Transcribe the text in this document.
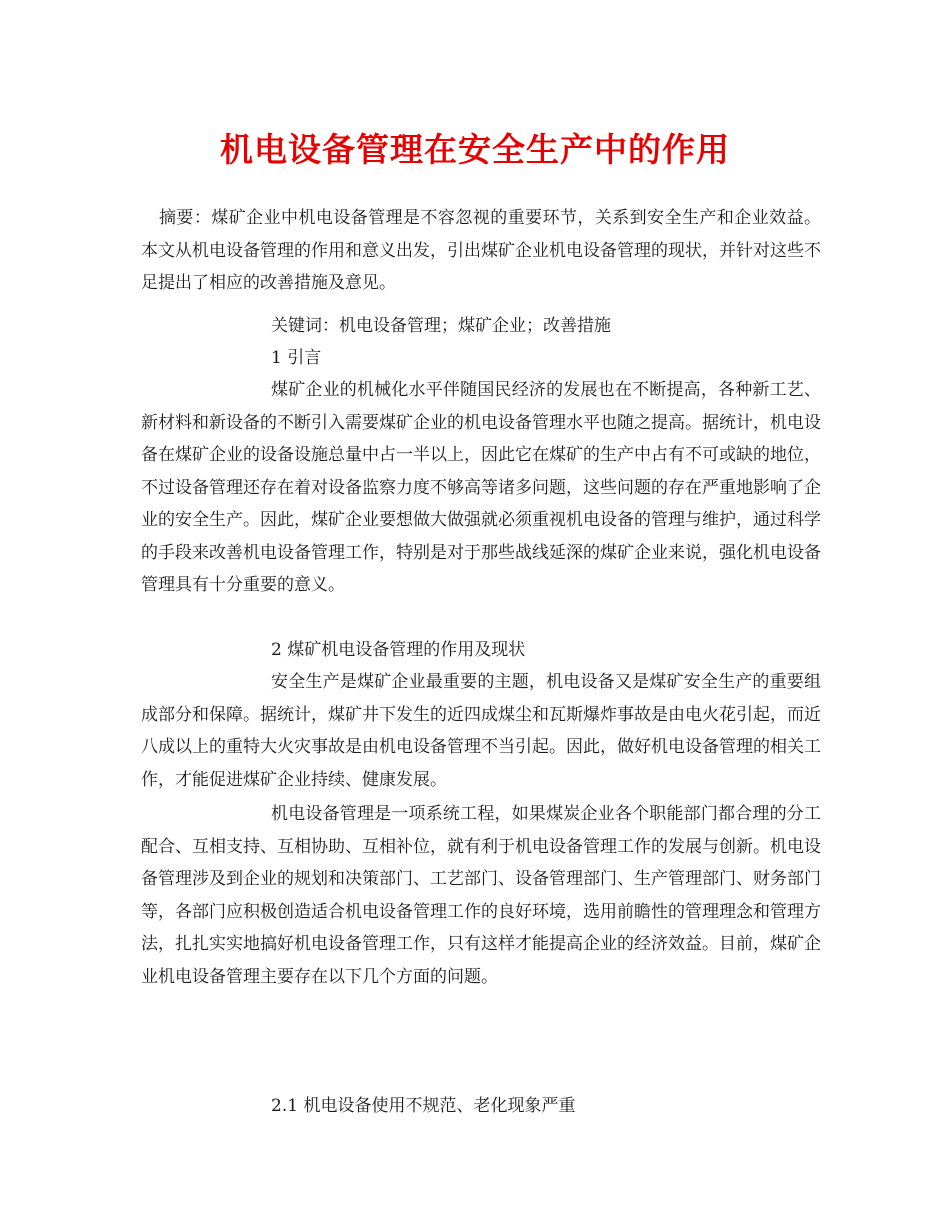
机电设备管理在安全生产中的作用
摘要：煤矿企业中机电设备管理是不容忽视的重要环节，关系到安全生产和企业效益。本文从机电设备管理的作用和意义出发，引出煤矿企业机电设备管理的现状，并针对这些不足提出了相应的改善措施及意见。
关键词：机电设备管理；煤矿企业；改善措施
1 引言
煤矿企业的机械化水平伴随国民经济的发展也在不断提高，各种新工艺、新材料和新设备的不断引入需要煤矿企业的机电设备管理水平也随之提高。据统计，机电设备在煤矿企业的设备设施总量中占一半以上，因此它在煤矿的生产中占有不可或缺的地位，不过设备管理还存在着对设备监察力度不够高等诸多问题，这些问题的存在严重地影响了企业的安全生产。因此，煤矿企业要想做大做强就必须重视机电设备的管理与维护，通过科学的手段来改善机电设备管理工作，特别是对于那些战线延深的煤矿企业来说，强化机电设备管理具有十分重要的意义。
2 煤矿机电设备管理的作用及现状
安全生产是煤矿企业最重要的主题，机电设备又是煤矿安全生产的重要组成部分和保障。据统计，煤矿井下发生的近四成煤尘和瓦斯爆炸事故是由电火花引起，而近八成以上的重特大火灾事故是由机电设备管理不当引起。因此，做好机电设备管理的相关工作，才能促进煤矿企业持续、健康发展。
机电设备管理是一项系统工程，如果煤炭企业各个职能部门都合理的分工配合、互相支持、互相协助、互相补位，就有利于机电设备管理工作的发展与创新。机电设备管理涉及到企业的规划和决策部门、工艺部门、设备管理部门、生产管理部门、财务部门等，各部门应积极创造适合机电设备管理工作的良好环境，选用前瞻性的管理理念和管理方法，扎扎实实地搞好机电设备管理工作，只有这样才能提高企业的经济效益。目前，煤矿企业机电设备管理主要存在以下几个方面的问题。
2.1 机电设备使用不规范、老化现象严重
